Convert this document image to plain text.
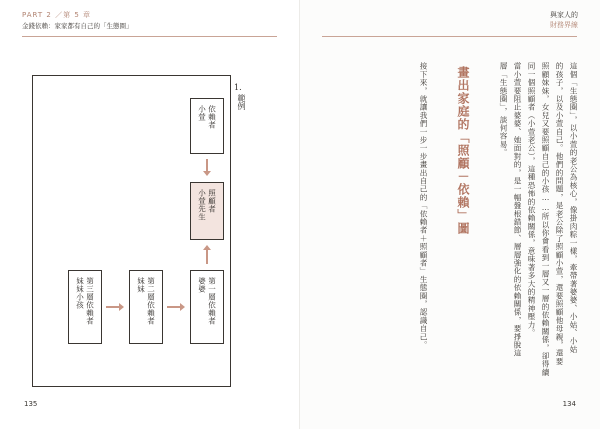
PART 2 ／第 5 章
金錢依賴：家家都有自己的「生態圈」
1.
範例
依賴者
小萱
照顧者
小萱先生
第一層依賴者
婆婆
第二層依賴者
妹妹
第三層依賴者
妹妹小孩
135
與家人的
財務界線
這個「生態圈」，以小萱的老公為核心，像掛肉粽一樣，牽帶著婆婆、小姑、小姑
的孩子，以及小萱自己。他們的問題，是老公除了照顧小萱，還要照顧他母親，還要
照顧妹妹，女兒又要照顧自己的小孩……所以你會看到一層又一層的依賴關係，卻得續
同一個照顧者（小萱老公），這種恐怖的依賴關係，意味著多大的精神壓力。
當小萱要阻止婆婆、她面對的，是一幅盤根錯節、層層強化的依賴關係，要掙脫這
層「生態圈」，談何容易。
接下來，就讓我們一步一步畫出自己的「依賴者＋照顧者」生態圈，認識自己。 畫出家庭的「照顧－依賴」圖
134
